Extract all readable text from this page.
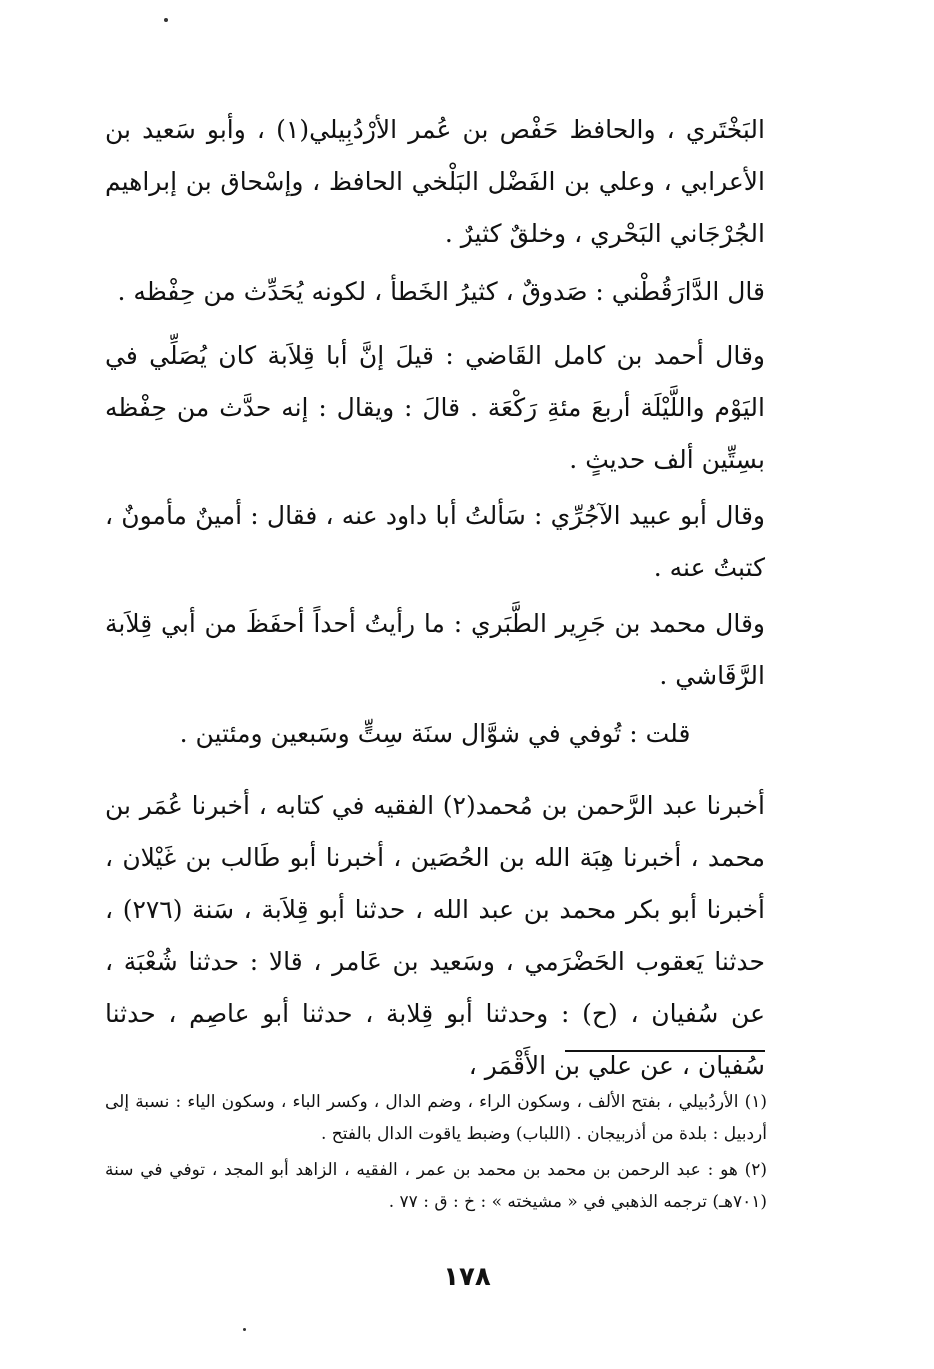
البَخْتَري ، والحافظ حَفْص بن عُمر الأرْدُبِيلي(١) ، وأبو سَعيد بن الأعرابي ، وعلي بن الفَضْل البَلْخي الحافظ ، وإسْحاق بن إبراهيم الجُرْجَاني البَحْري ، وخلقٌ كثيرٌ .
قال الدَّارَقُطْني : صَدوقٌ ، كثيرُ الخَطأ ، لكونه يُحَدِّث من حِفْظه .
وقال أحمد بن كامل القَاضي : قيلَ إنَّ أبا قِلاَبة كان يُصَلِّي في اليَوْم واللَّيْلَة أربعَ مئةِ رَكْعَة . قالَ : ويقال : إنه حدَّث من حِفْظه بسِتِّين ألف حديثٍ .
وقال أبو عبيد الآجُرِّي : سَألتُ أبا داود عنه ، فقال : أمينٌ مأمونٌ ، كتبتُ عنه .
وقال محمد بن جَرِير الطَّبَري : ما رأيتُ أحداً أحفَظَ من أبي قِلاَبة الرَّقَاشي .
قلت : تُوفي في شوَّال سنَة سِتٍّ وسَبعين ومئتين .
أخبرنا عبد الرَّحمن بن مُحمد(٢) الفقيه في كتابه ، أخبرنا عُمَر بن محمد ، أخبرنا هِبَة الله بن الحُصَين ، أخبرنا أبو طَالب بن غَيْلان ، أخبرنا أبو بكر محمد بن عبد الله ، حدثنا أبو قِلاَبة ، سَنة (٢٧٦) ، حدثنا يَعقوب الحَضْرَمي ، وسَعيد بن عَامر ، قالا : حدثنا شُعْبَة ، عن سُفيان ، (ح) : وحدثنا أبو قِلابة ، حدثنا أبو عاصِم ، حدثنا سُفيان ، عن علي بن الأَقْمَر ،
(١) الأردُبيلي ، بفتح الألف ، وسكون الراء ، وضم الدال ، وكسر الباء ، وسكون الياء : نسبة إلى أردبيل : بلدة من أذربيجان . (اللباب) وضبط ياقوت الدال بالفتح .
(٢) هو : عبد الرحمن بن محمد بن محمد بن عمر ، الفقيه ، الزاهد أبو المجد ، توفي في سنة (٧٠١هـ) ترجمه الذهبي في « مشيخته » : خ : ق : ٧٧ .
١٧٨
